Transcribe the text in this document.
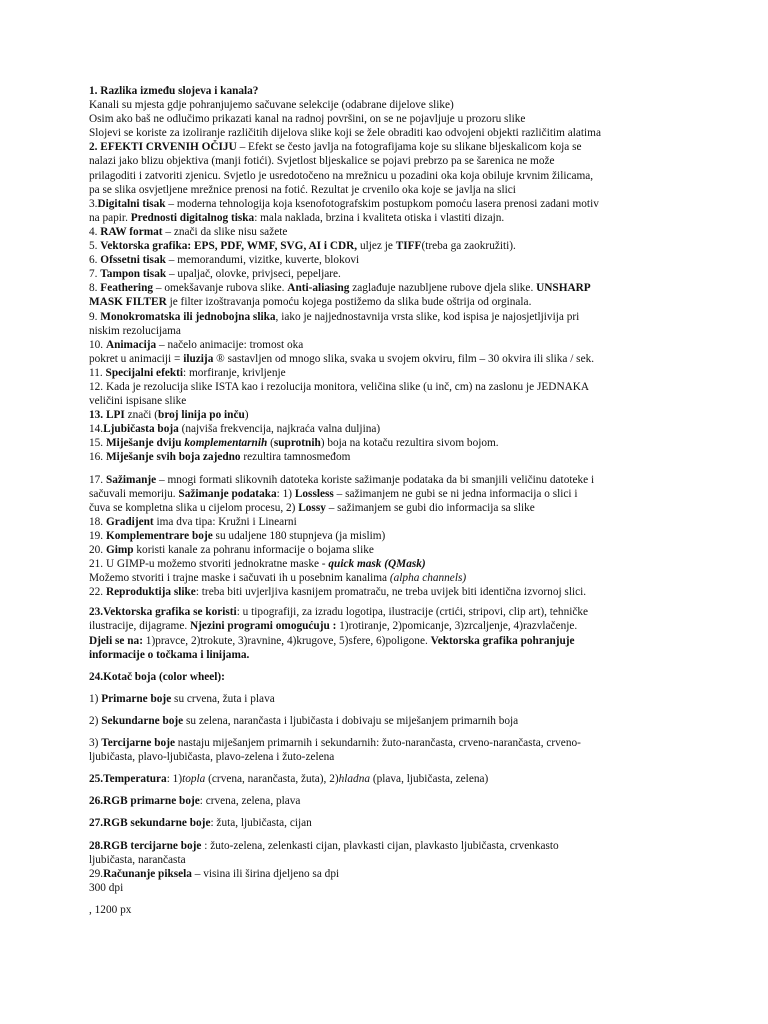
1. Razlika između slojeva i kanala?
Kanali su mjesta gdje pohranjujemo sačuvane selekcije (odabrane dijelove slike)
Osim ako baš ne odlučimo prikazati kanal na radnoj površini, on se ne pojavljuje u prozoru slike
Slojevi se koriste za izoliranje različitih dijelova slike koji se žele obraditi kao odvojeni objekti različitim alatima
2. EFEKTI CRVENIH OČIJU – Efekt se često javlja na fotografijama koje su slikane bljeskalicom koja se
nalazi jako blizu objektiva (manji fotići). Svjetlost bljeskalice se pojavi prebrzo pa se šarenica ne može
prilagoditi i zatvoriti zjenicu. Svjetlo je usredotočeno na mrežnicu u pozadini oka koja obiluje krvnim žilicama,
pa se slika osvjetljene mrežnice prenosi na fotić. Rezultat je crvenilo oka koje se javlja na slici
3.Digitalni tisak – moderna tehnologija koja ksenofotografskim postupkom pomoću lasera prenosi zadani motiv
na papir. Prednosti digitalnog tiska: mala naklada, brzina i kvaliteta otiska i vlastiti dizajn.
4. RAW format – znači da slike nisu sažete
5. Vektorska grafika: EPS, PDF, WMF, SVG, AI i CDR, uljez je TIFF(treba ga zaokružiti).
6. Ofssetni tisak – memorandumi, vizitke, kuverte, blokovi
7. Tampon tisak – upaljač, olovke, privjseci, pepeljare.
8. Feathering – omekšavanje rubova slike. Anti-aliasing zaglađuje nazubljene rubove djela slike. UNSHARP
MASK FILTER je filter izoštravanja pomoću kojega postižemo da slika bude oštrija od orginala.
9. Monokromatska ili jednobojna slika, iako je najjednostavnija vrsta slike, kod ispisa je najosjetljivija pri
niskim rezolucijama
10. Animacija – načelo animacije: tromost oka
pokret u animaciji = iluzija ® sastavljen od mnogo slika, svaka u svojem okviru, film – 30 okvira ili slika / sek.
11. Specijalni efekti: morfiranje, krivljenje
12. Kada je rezolucija slike ISTA kao i rezolucija monitora, veličina slike (u inč, cm) na zaslonu je JEDNAKA
veličini ispisane slike
13. LPI znači (broj linija po inču)
14.Ljubičasta boja (najviša frekvencija, najkraća valna duljina)
15. Miješanje dviju komplementarnih (suprotnih) boja na kotaču rezultira sivom bojom.
16. Miješanje svih boja zajedno rezultira tamnosmeđom
17. Sažimanje – mnogi formati slikovnih datoteka koriste sažimanje podataka da bi smanjili veličinu datoteke i
sačuvali memoriju. Sažimanje podataka: 1) Lossless – sažimanjem ne gubi se ni jedna informacija o slici i
čuva se kompletna slika u cijelom procesu, 2) Lossy – sažimanjem se gubi dio informacija sa slike
18. Gradijent ima dva tipa: Kružni i Linearni
19. Komplementrare boje su udaljene 180 stupnjeva (ja mislim)
20. Gimp koristi kanale za pohranu informacije o bojama slike
21. U GIMP-u možemo stvoriti jednokratne maske - quick mask (QMask)
Možemo stvoriti i trajne maske i sačuvati ih u posebnim kanalima (alpha channels)
22. Reproduktija slike: treba biti uvjerljiva kasnijem promatraču, ne treba uvijek biti identična izvornoj slici.
23.Vektorska grafika se koristi: u tipografiji, za izradu logotipa, ilustracije (crtići, stripovi, clip art), tehničke
ilustracije, dijagrame. Njezini programi omogućuju : 1)rotiranje, 2)pomicanje, 3)zrcaljenje, 4)razvlačenje.
Djeli se na: 1)pravce, 2)trokute, 3)ravnine, 4)krugove, 5)sfere, 6)poligone. Vektorska grafika pohranjuje
informacije o točkama i linijama.
24.Kotač boja (color wheel):
1) Primarne boje su crvena, žuta i plava
2) Sekundarne boje su zelena, narančasta i ljubičasta i dobivaju se miješanjem primarnih boja
3) Tercijarne boje nastaju miješanjem primarnih i sekundarnih: žuto-narančasta, crveno-narančasta, crveno-
ljubičasta, plavo-ljubičasta, plavo-zelena i žuto-zelena
25.Temperatura: 1)topla (crvena, narančasta, žuta), 2)hladna (plava, ljubičasta, zelena)
26.RGB primarne boje: crvena, zelena, plava
27.RGB sekundarne boje: žuta, ljubičasta, cijan
28.RGB tercijarne boje : žuto-zelena, zelenkasti cijan, plavkasti cijan, plavkasto ljubičasta, crvenkasto
ljubičasta, narančasta
29.Računanje piksela – visina ili širina djeljeno sa dpi
300 dpi
, 1200 px
